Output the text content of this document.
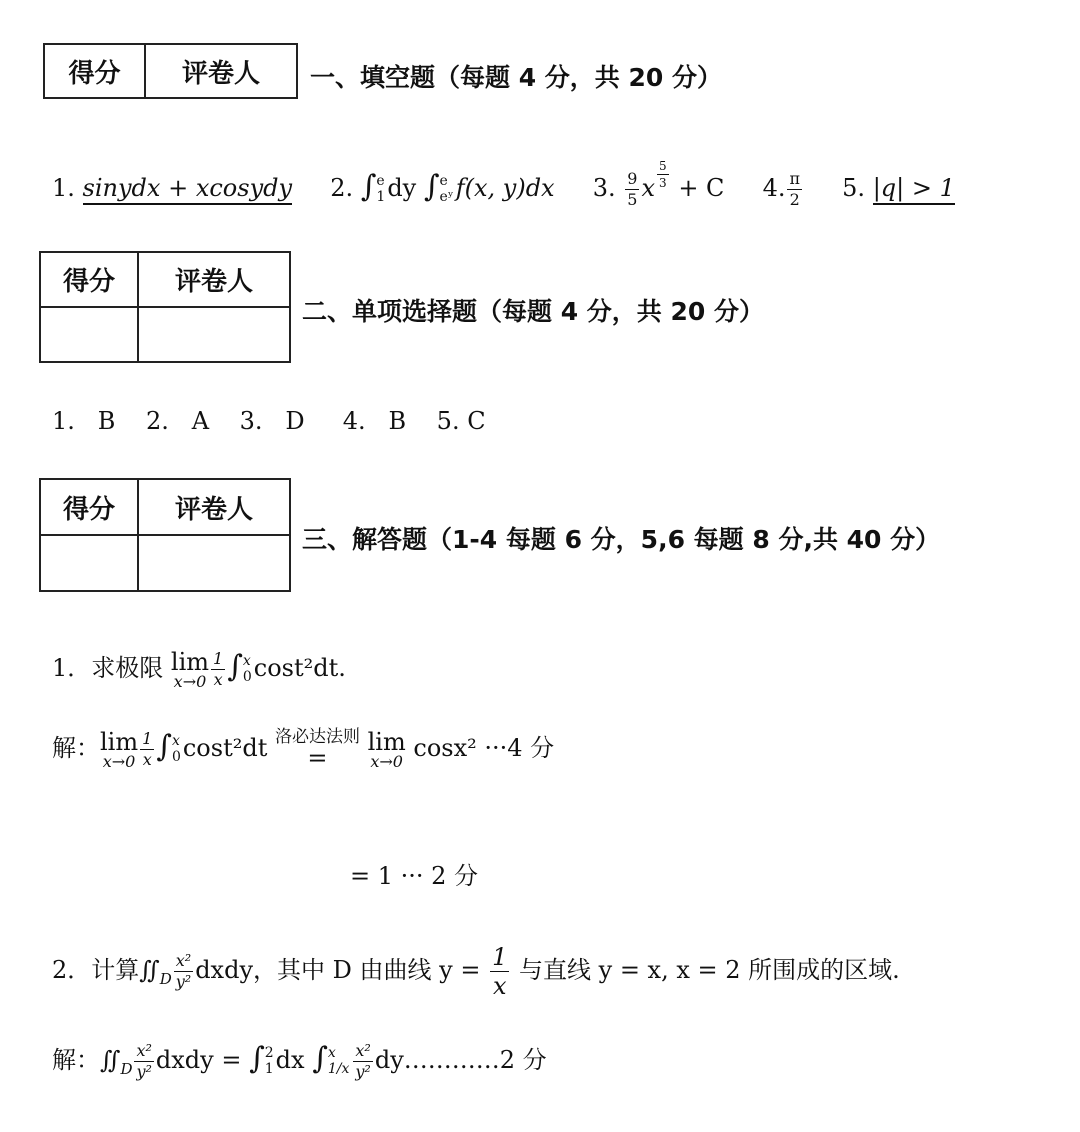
得分	评卷人 一、填空题（每题 4 分，共 20 分）
1. sinydx + xcosydy 2. ∫ e
1 dy ∫ e
eʸ f(x, y)dx 3. $\frac{9}{5}$ x $\frac{5}{3} + C$ 4. $\frac{\pi}{2} 5$. |q| > 1
得分	评卷人

二、单项选择题（每题 4 分，共 20 分）
1.   B    2.   A    3.   D     4.   B    5. C
得分	评卷人

三、解答题（1-4 每题 6 分，5,6 每题 8 分,共 40 分）
1．求极限 lim
$x\to 0 \frac{1}{x}$ ∫ x
0 cost²dt.
解：lim
$x\to 0 \frac{1}{x}$ ∫ x
0 cost²dt 洛必达法则
= lim
x→0 cosx² ···4 分
= 1 ··· 2 分
2．计算$∬_D \frac{\text{x²}}{\text{y²}}$ dxdy，其中 D 由曲线 $y = \frac{1}{x}$ 与直线 y = x, x = 2 所围成的区域.
解：$∬_D \frac{\text{x²}}{\text{y²}}$ dxdy = ∫ 2
1 dx ∫ x
$1/x \frac{\text{x²}}{\text{y²}}$ dy…………2 分
